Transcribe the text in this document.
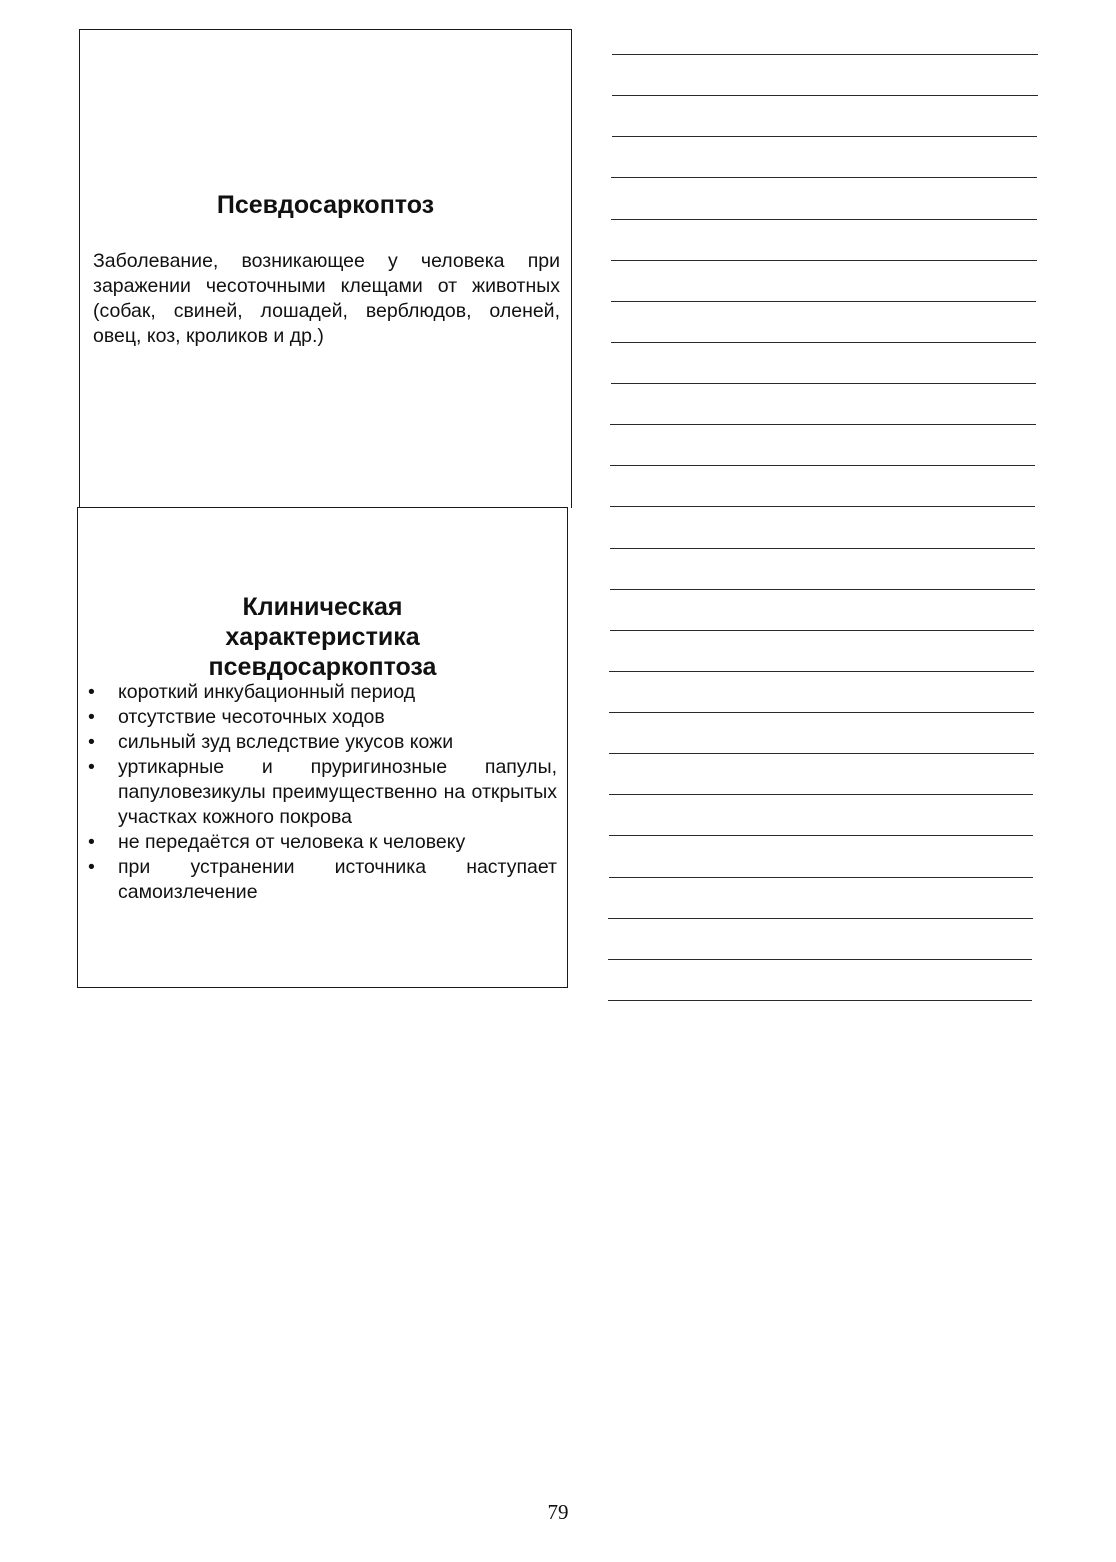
Псевдосаркоптоз

Заболевание, возникающее у человека при заражении чесоточными клещами от животных (собак, свиней, лошадей, верблюдов, оленей, овец, коз, кроликов и др.)

Клиническая характеристика псевдосаркоптоза
• короткий инкубационный период
• отсутствие чесоточных ходов
• сильный зуд вследствие укусов кожи
• уртикарные и пруригинозные папулы, папуловезикулы преимущественно на открытых участках кожного покрова
• не передаётся от человека к человеку
• при устранении источника наступает самоизлечение
79
